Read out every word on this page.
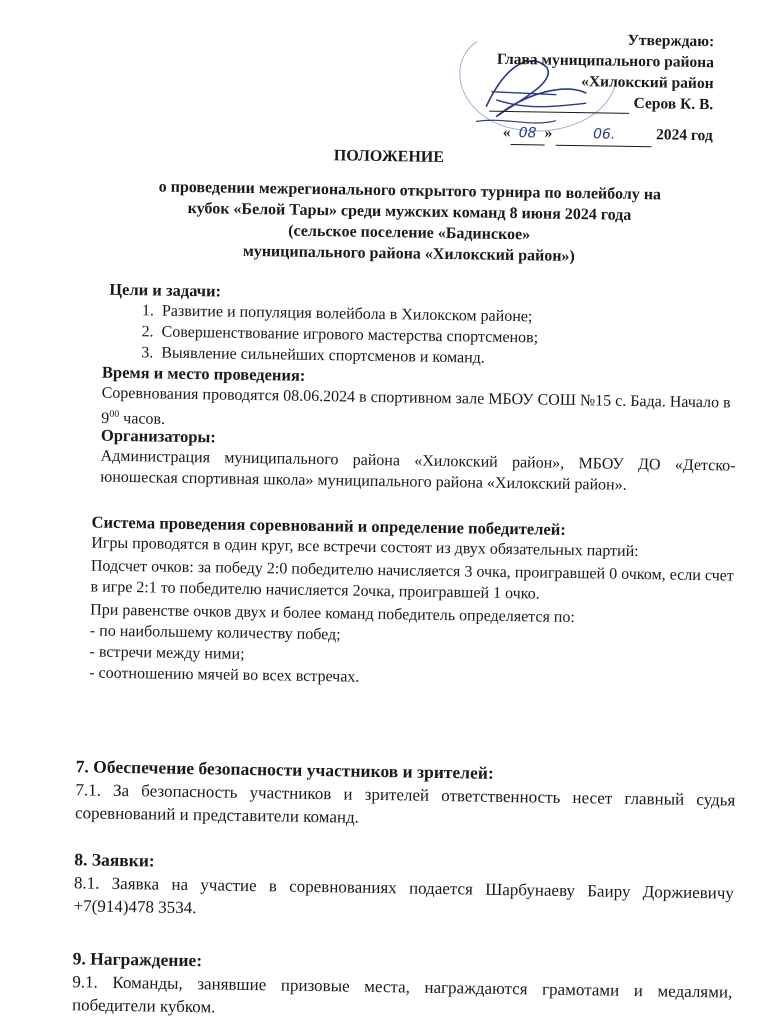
Утверждаю:
Глава муниципального района
«Хилокский район
Серов К. В.
« 08 »	06.	2024 год
ПОЛОЖЕНИЕ
о проведении межрегионального открытого турнира по волейболу на
кубок «Белой Тары» среди мужских команд 8 июня 2024 года
(сельское поселение «Бадинское»
муниципального района «Хилокский район»)
Цели и задачи:
1. Развитие и популяция волейбола в Хилокском районе;
2. Совершенствование игрового мастерства спортсменов;
3. Выявление сильнейших спортсменов и команд.
Время и место проведения:

Соревнования проводятся 08.06.2024 в спортивном зале МБОУ СОШ №15 с. Бада. Начало в $9^{00}$ часов.

Организаторы:

Администрация муниципального района «Хилокский район», МБОУ ДО «Детско-юношеская спортивная школа» муниципального района «Хилокский район».

Система проведения соревнований и определение победителей:

Игры проводятся в один круг, все встречи состоят из двух обязательных партий:

Подсчет очков: за победу 2:0 победителю начисляется 3 очка, проигравшей 0 очком, если счет в игре 2:1 то победителю начисляется 2очка, проигравшей 1 очко.

При равенстве очков двух и более команд победитель определяется по:

- по наибольшему количеству побед;
- встречи между ними;
- соотношению мячей во всех встречах.
7. Обеспечение безопасности участников и зрителей:

7.1. За безопасность участников и зрителей ответственность несет главный судья соревнований и представители команд.

8. Заявки:

8.1. Заявка на участие в соревнованиях подается Шарбунаеву Баиру Доржиевичу +7(914)478 3534.

9. Награждение:

9.1. Команды, занявшие призовые места, награждаются грамотами и медалями, победители кубком.
